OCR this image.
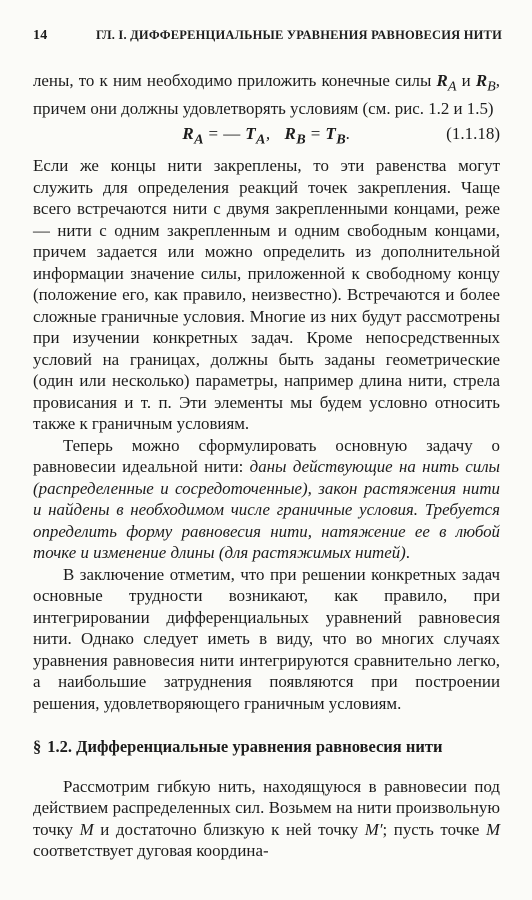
14	ГЛ. I. ДИФФЕРЕНЦИАЛЬНЫЕ УРАВНЕНИЯ РАВНОВЕСИЯ НИТИ

лены, то к ним необходимо приложить конечные силы $R_A$ и $R_B$, причем они должны удовлетворять условиям (см. рис. 1.2 и 1.5)

$R_A$ = — $T_A$, $R_B = T_B$.	(1.1.18)

Если же концы нити закреплены, то эти равенства могут служить для определения реакций точек закрепления. Чаще всего встречаются нити с двумя закрепленными концами, реже — нити с одним закрепленным и одним свободным концами, причем задается или можно определить из дополнительной информации значение силы, приложенной к свободному концу (положение его, как правило, неизвестно). Встречаются и более сложные граничные условия. Многие из них будут рассмотрены при изучении конкретных задач. Кроме непосредственных условий на границах, должны быть заданы геометрические (один или несколько) параметры, например длина нити, стрела провисания и т. п. Эти элементы мы будем условно относить также к граничным условиям.

Теперь можно сформулировать основную задачу о равновесии идеальной нити: даны действующие на нить силы (распределенные и сосредоточенные), закон растяжения нити и найдены в необходимом числе граничные условия. Требуется определить форму равновесия нити, натяжение ее в любой точке и изменение длины (для растяжимых нитей).

В заключение отметим, что при решении конкретных задач основные трудности возникают, как правило, при интегрировании дифференциальных уравнений равновесия нити. Однако следует иметь в виду, что во многих случаях уравнения равновесия нити интегрируются сравнительно легко, а наибольшие затруднения появляются при построении решения, удовлетворяющего граничным условиям.

§ 1.2. Дифференциальные уравнения равновесия нити

Рассмотрим гибкую нить, находящуюся в равновесии под действием распределенных сил. Возьмем на нити произвольную точку M и достаточно близкую к ней точку M′; пусть точке M соответствует дуговая координа-
